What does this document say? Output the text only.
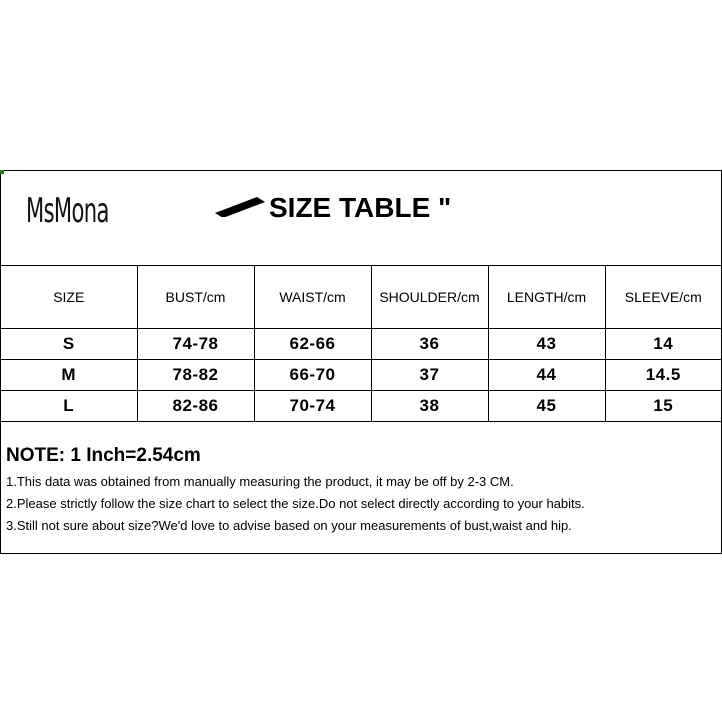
MsMona	SIZE TABLE "
SIZE	BUST/cm	WAIST/cm	SHOULDER/cm	LENGTH/cm	SLEEVE/cm
S	74-78	62-66	36	43	14
M	78-82	66-70	37	44	14.5
L	82-86	70-74	38	45	15
NOTE: 1 Inch=2.54cm
1.This data was obtained from manually measuring the product, it may be off by 2-3 CM.
2.Please strictly follow the size chart to select the size.Do not select directly according to your habits.
3.Still not sure about size?We'd love to advise based on your measurements of bust,waist and hip.
